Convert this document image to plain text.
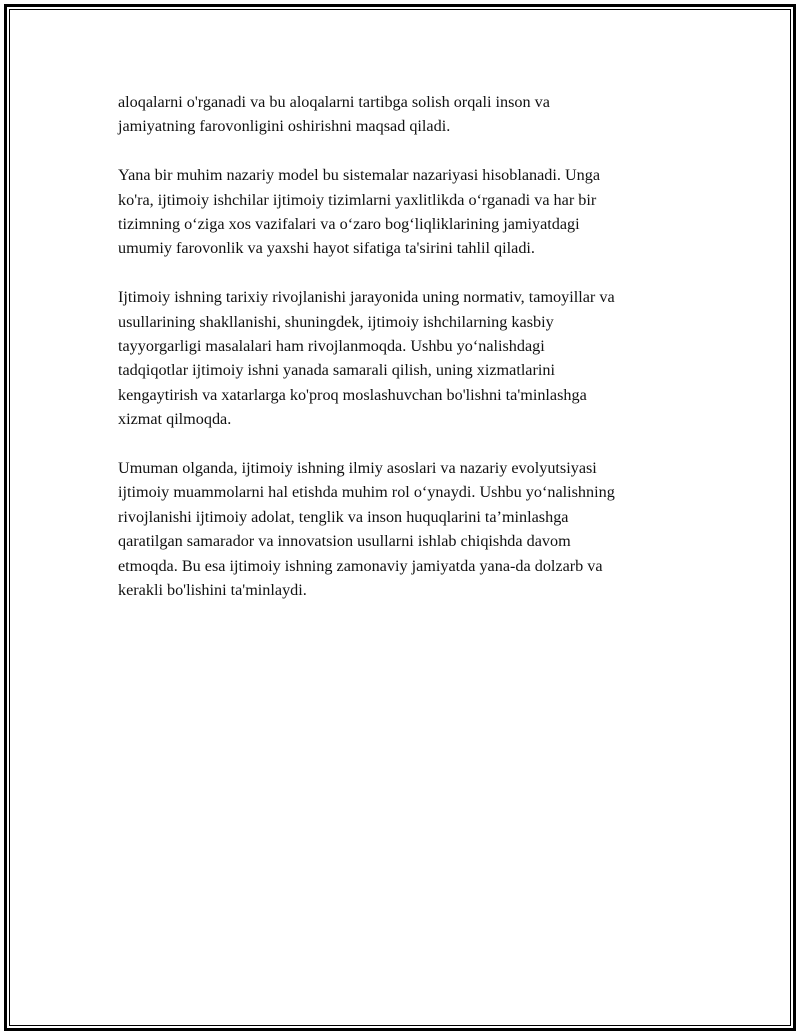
aloqalarni o'rganadi va bu aloqalarni tartibga solish orqali inson va
jamiyatning farovonligini oshirishni maqsad qiladi.
Yana bir muhim nazariy model bu sistemalar nazariyasi hisoblanadi. Unga
ko'ra, ijtimoiy ishchilar ijtimoiy tizimlarni yaxlitlikda o‘rganadi va har bir
tizimning o‘ziga xos vazifalari va o‘zaro bog‘liqliklarining jamiyatdagi
umumiy farovonlik va yaxshi hayot sifatiga ta'sirini tahlil qiladi.
Ijtimoiy ishning tarixiy rivojlanishi jarayonida uning normativ, tamoyillar va
usullarining shakllanishi, shuningdek, ijtimoiy ishchilarning kasbiy
tayyorgarligi masalalari ham rivojlanmoqda. Ushbu yo‘nalishdagi
tadqiqotlar ijtimoiy ishni yanada samarali qilish, uning xizmatlarini
kengaytirish va xatarlarga ko'proq moslashuvchan bo'lishni ta'minlashga
xizmat qilmoqda.
Umuman olganda, ijtimoiy ishning ilmiy asoslari va nazariy evolyutsiyasi
ijtimoiy muammolarni hal etishda muhim rol o‘ynaydi. Ushbu yo‘nalishning
rivojlanishi ijtimoiy adolat, tenglik va inson huquqlarini ta’minlashga
qaratilgan samarador va innovatsion usullarni ishlab chiqishda davom
etmoqda. Bu esa ijtimoiy ishning zamonaviy jamiyatda yana-da dolzarb va
kerakli bo'lishini ta'minlaydi.
